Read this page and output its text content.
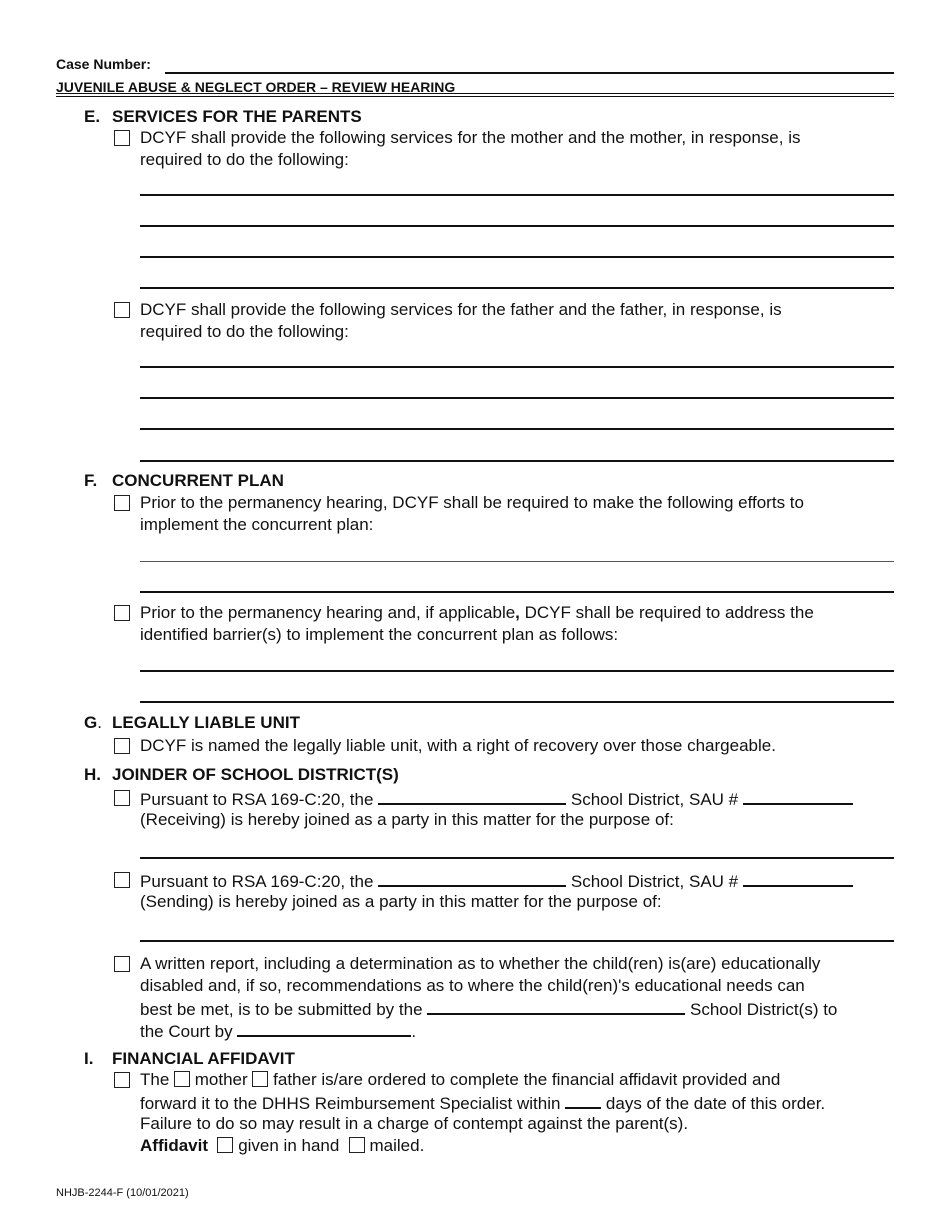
Case Number:
JUVENILE ABUSE & NEGLECT ORDER – REVIEW HEARING
E. SERVICES FOR THE PARENTS
DCYF shall provide the following services for the mother and the mother, in response, is
required to do the following:
DCYF shall provide the following services for the father and the father, in response, is
required to do the following:
F. CONCURRENT PLAN
Prior to the permanency hearing, DCYF shall be required to make the following efforts to
implement the concurrent plan:
Prior to the permanency hearing and, if applicable, DCYF shall be required to address the
identified barrier(s) to implement the concurrent plan as follows:
G. LEGALLY LIABLE UNIT
DCYF is named the legally liable unit, with a right of recovery over those chargeable.
H. JOINDER OF SCHOOL DISTRICT(S)
Pursuant to RSA 169-C:20, the	School District, SAU #
(Receiving) is hereby joined as a party in this matter for the purpose of:
Pursuant to RSA 169-C:20, the	School District, SAU #
(Sending) is hereby joined as a party in this matter for the purpose of:
A written report, including a determination as to whether the child(ren) is(are) educationally
disabled and, if so, recommendations as to where the child(ren)'s educational needs can
best be met, is to be submitted by the	School District(s) to
the Court by	.
I. FINANCIAL AFFIDAVIT
The mother father is/are ordered to complete the financial affidavit provided and
forward it to the DHHS Reimbursement Specialist within	days of the date of this order.
Failure to do so may result in a charge of contempt against the parent(s).
Affidavit given in hand mailed.
NHJB-2244-F (10/01/2021)
